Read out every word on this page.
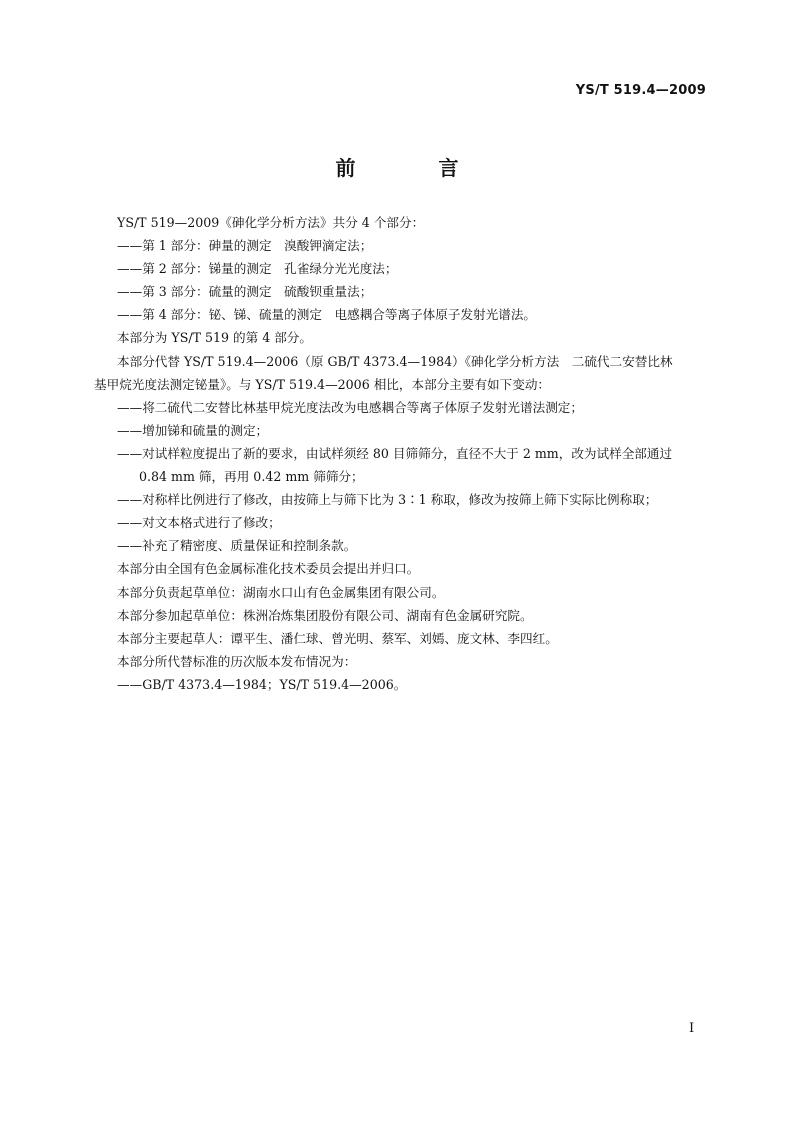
YS/T 519.4—2009
前 言

YS/T 519—2009《砷化学分析方法》共分 4 个部分：

——第 1 部分：砷量的测定　溴酸钾滴定法；

——第 2 部分：锑量的测定　孔雀绿分光光度法；

——第 3 部分：硫量的测定　硫酸钡重量法；

——第 4 部分：铋、锑、硫量的测定　电感耦合等离子体原子发射光谱法。

本部分为 YS/T 519 的第 4 部分。

本部分代替 YS/T 519.4—2006（原 GB/T 4373.4—1984）《砷化学分析方法　二硫代二安替比林

基甲烷光度法测定铋量》。与 YS/T 519.4—2006 相比，本部分主要有如下变动：

——将二硫代二安替比林基甲烷光度法改为电感耦合等离子体原子发射光谱法测定；

——增加锑和硫量的测定；

——对试样粒度提出了新的要求，由试样须经 80 目筛筛分，直径不大于 2 mm，改为试样全部通过

0.84 mm 筛，再用 0.42 mm 筛筛分；

——对称样比例进行了修改，由按筛上与筛下比为 3∶1 称取，修改为按筛上筛下实际比例称取；

——对文本格式进行了修改；

——补充了精密度、质量保证和控制条款。

本部分由全国有色金属标准化技术委员会提出并归口。

本部分负责起草单位：湖南水口山有色金属集团有限公司。

本部分参加起草单位：株洲冶炼集团股份有限公司、湖南有色金属研究院。

本部分主要起草人：谭平生、潘仁球、曾光明、蔡军、刘嫣、庞文林、李四红。

本部分所代替标准的历次版本发布情况为：

——GB/T 4373.4—1984；YS/T 519.4—2006。

I
